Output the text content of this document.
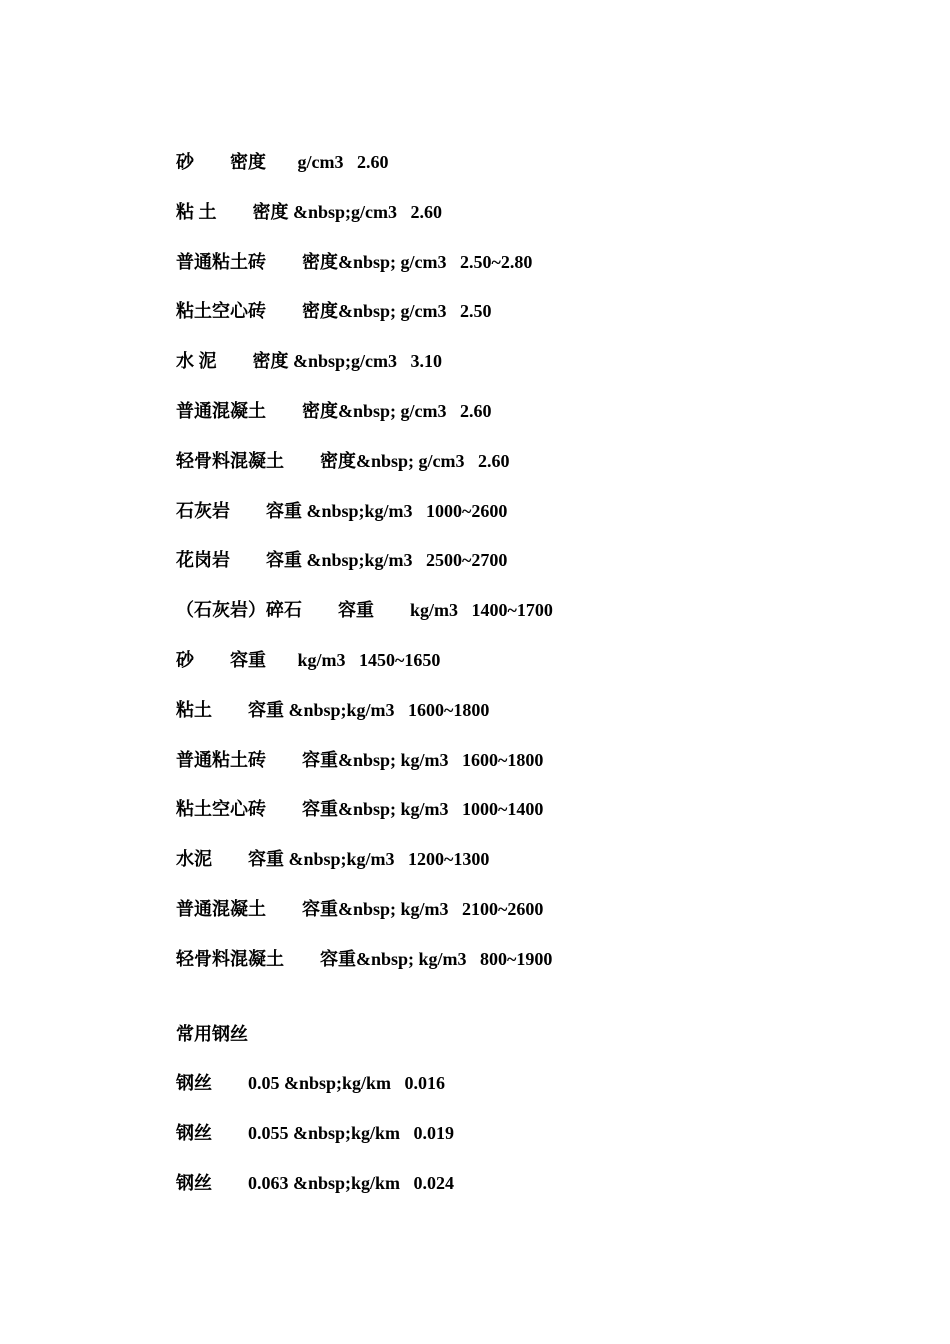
砂        密度       g/cm3   2.60
粘 土        密度 &nbsp;g/cm3   2.60
普通粘土砖        密度&nbsp; g/cm3   2.50~2.80
粘土空心砖        密度&nbsp; g/cm3   2.50
水 泥        密度 &nbsp;g/cm3   3.10
普通混凝土        密度&nbsp; g/cm3   2.60
轻骨料混凝土        密度&nbsp; g/cm3   2.60
石灰岩        容重 &nbsp;kg/m3   1000~2600
花岗岩        容重 &nbsp;kg/m3   2500~2700
（石灰岩）碎石        容重        kg/m3   1400~1700
砂        容重       kg/m3   1450~1650
粘土        容重 &nbsp;kg/m3   1600~1800
普通粘土砖        容重&nbsp; kg/m3   1600~1800
粘土空心砖        容重&nbsp; kg/m3   1000~1400
水泥        容重 &nbsp;kg/m3   1200~1300
普通混凝土        容重&nbsp; kg/m3   2100~2600
轻骨料混凝土        容重&nbsp; kg/m3   800~1900
常用钢丝
钢丝        0.05 &nbsp;kg/km   0.016
钢丝        0.055 &nbsp;kg/km   0.019
钢丝        0.063 &nbsp;kg/km   0.024
